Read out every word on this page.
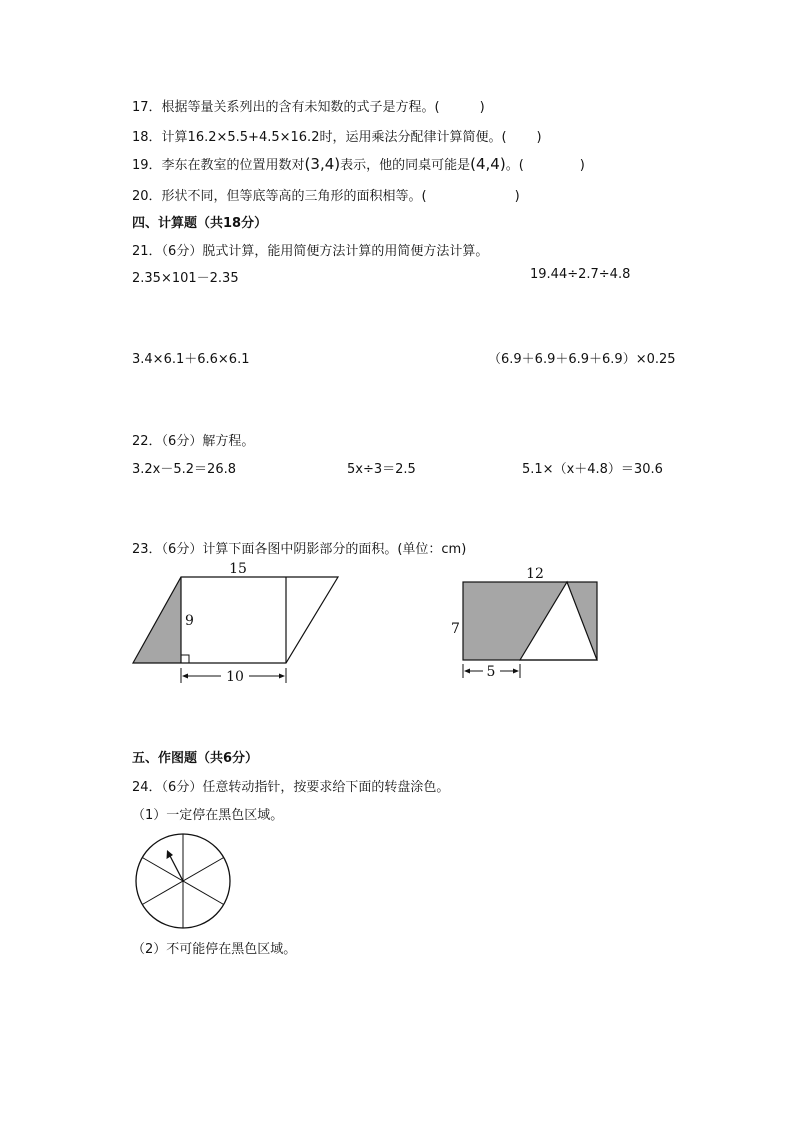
17．根据等量关系列出的含有未知数的式子是方程。(	)
18．计算16.2×5.5+4.5×16.2时，运用乘法分配律计算简便。( )
19．李东在教室的位置用数对(3,4)表示，他的同桌可能是(4,4)。(	)
20．形状不同，但等底等高的三角形的面积相等。(	)
四、计算题（共18分）
21．（6分）脱式计算，能用简便方法计算的用简便方法计算。
2.35×101－2.35	19.44÷2.7÷4.8
3.4×6.1＋6.6×6.1	（6.9＋6.9＋6.9＋6.9）×0.25
22．（6分）解方程。
3.2x－5.2＝26.8	5x÷3＝2.5	5.1×（x＋4.8）＝30.6
23．（6分）计算下面各图中阴影部分的面积。(单位：cm)
15
9
10
12
7
5
五、作图题（共6分）
24．（6分）任意转动指针，按要求给下面的转盘涂色。
（1）一定停在黑色区域。
（2）不可能停在黑色区域。
